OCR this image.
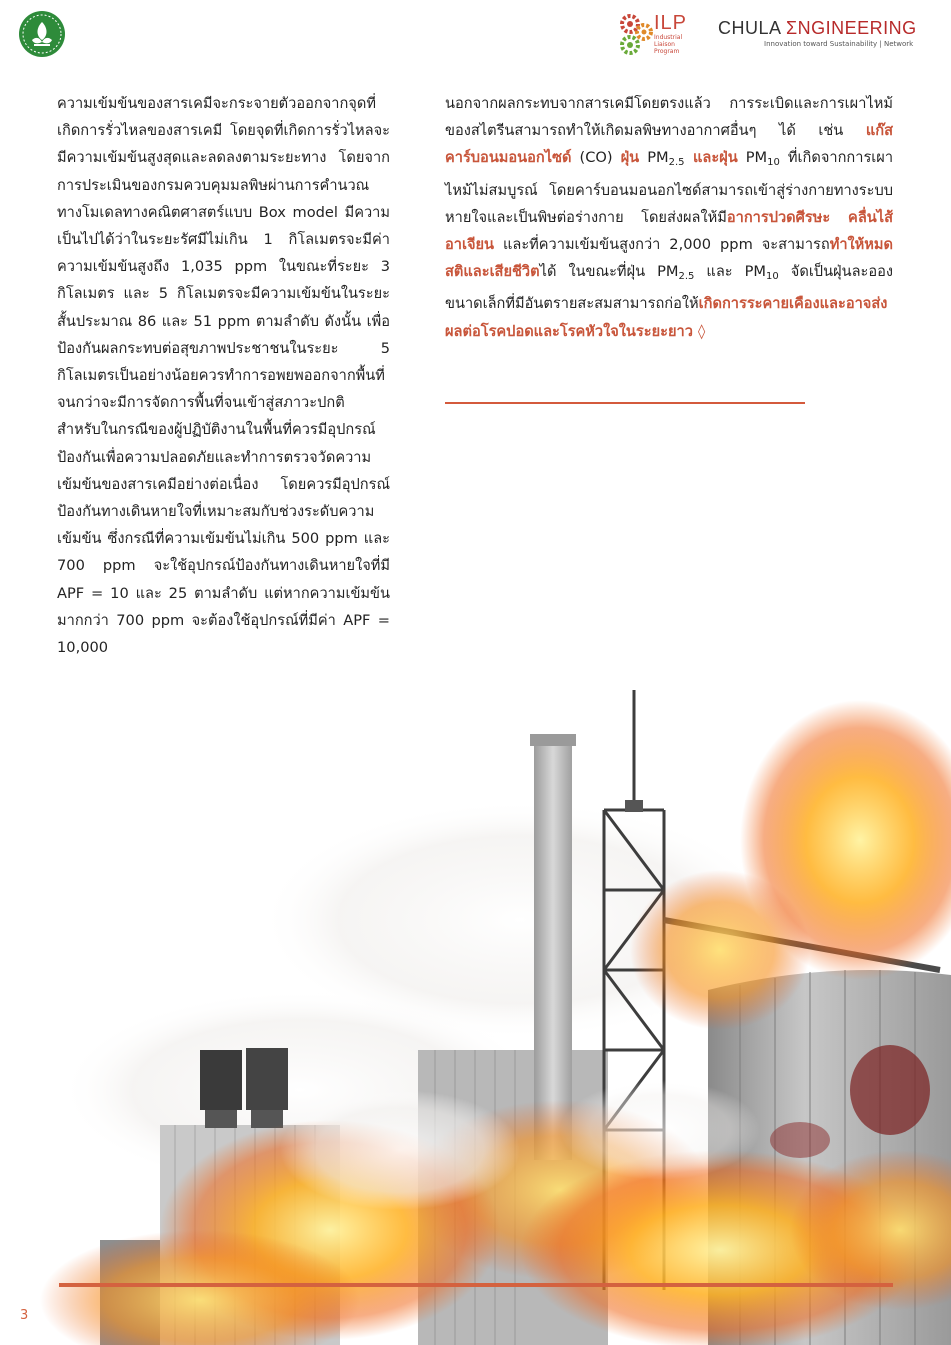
ILP
Industrial Liaison Program
CHULA ΣNGINEERING
Innovation toward Sustainability | Network

ความเข้มข้นของสารเคมีจะกระจายตัวออกจากจุดที่เกิดการรั่วไหลของสารเคมี โดยจุดที่เกิดการรั่วไหลจะมีความเข้มข้นสูงสุดและลดลงตามระยะทาง โดยจากการประเมินของกรมควบคุมมลพิษผ่านการคำนวณทางโมเดลทางคณิตศาสตร์แบบ Box model มีความเป็นไปได้ว่าในระยะรัศมีไม่เกิน 1 กิโลเมตรจะมีค่าความเข้มข้นสูงถึง 1,035 ppm ในขณะที่ระยะ 3 กิโลเมตร และ 5 กิโลเมตรจะมีความเข้มข้นในระยะสั้นประมาณ 86 และ 51 ppm ตามลำดับ ดังนั้น เพื่อป้องกันผลกระทบต่อสุขภาพประชาชนในระยะ 5 กิโลเมตรเป็นอย่างน้อยควรทำการอพยพออกจากพื้นที่จนกว่าจะมีการจัดการพื้นที่จนเข้าสู่สภาวะปกติ สำหรับในกรณีของผู้ปฏิบัติงานในพื้นที่ควรมีอุปกรณ์ป้องกันเพื่อความปลอดภัยและทำการตรวจวัดความเข้มข้นของสารเคมีอย่างต่อเนื่อง โดยควรมีอุปกรณ์ป้องกันทางเดินหายใจที่เหมาะสมกับช่วงระดับความเข้มข้น ซึ่งกรณีที่ความเข้มข้นไม่เกิน 500 ppm และ 700 ppm จะใช้อุปกรณ์ป้องกันทางเดินหายใจที่มี APF = 10 และ 25 ตามลำดับ แต่หากความเข้มข้นมากกว่า 700 ppm จะต้องใช้อุปกรณ์ที่มีค่า APF = 10,000

นอกจากผลกระทบจากสารเคมีโดยตรงแล้ว การระเบิดและการเผาไหม้ของสไตรีนสามารถทำให้เกิดมลพิษทางอากาศอื่นๆ ได้ เช่น แก๊สคาร์บอนมอนอกไซด์ (CO) ฝุ่น $PM_{2.5}$ และฝุ่น $PM_{10}$ ที่เกิดจากการเผาไหม้ไม่สมบูรณ์ โดยคาร์บอนมอนอกไซด์สามารถเข้าสู่ร่างกายทางระบบหายใจและเป็นพิษต่อร่างกาย โดยส่งผลให้มีอาการปวดศีรษะ คลื่นไส้ อาเจียน และที่ความเข้มข้นสูงกว่า 2,000 ppm จะสามารถทำให้หมดสติและเสียชีวิตได้ ในขณะที่ฝุ่น $PM_{2.5}$ และ $PM_{10}$ จัดเป็นฝุ่นละอองขนาดเล็กที่มีอันตรายสะสมสามารถก่อให้เกิดการระคายเคืองและอาจส่งผลต่อโรคปอดและโรคหัวใจในระยะยาว ◊

3
